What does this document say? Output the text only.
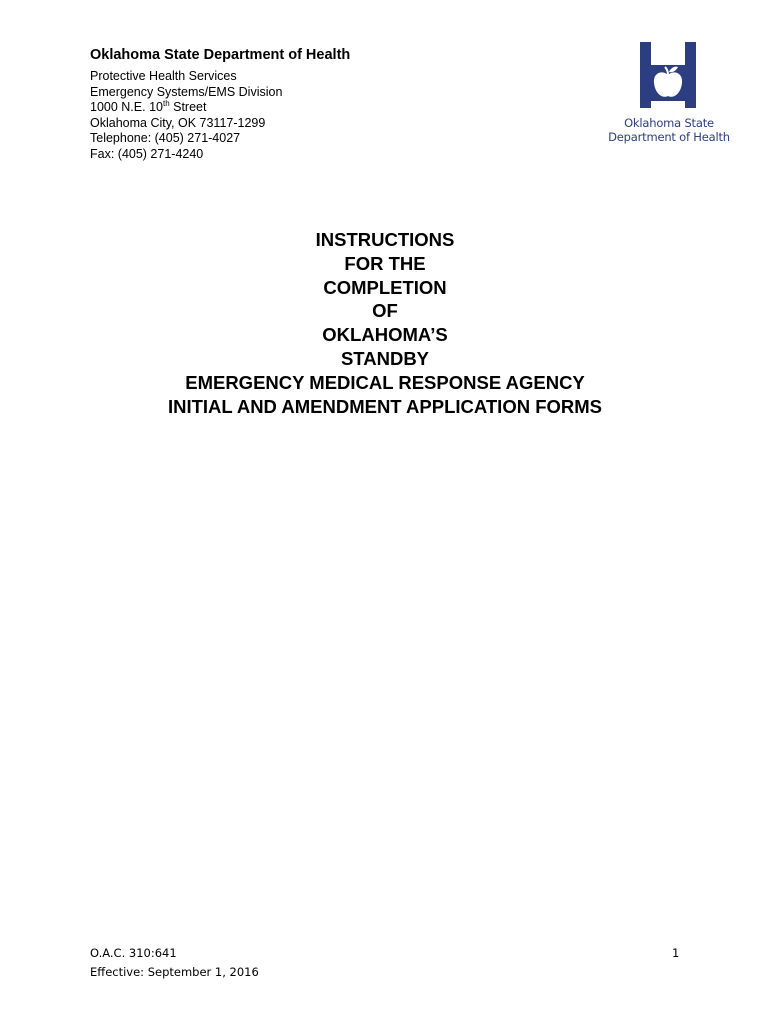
Oklahoma State Department of Health
Protective Health Services
Emergency Systems/EMS Division
1000 N.E. 10th Street
Oklahoma City, OK 73117-1299
Telephone: (405) 271-4027
Fax: (405) 271-4240
Oklahoma State
Department of Health
INSTRUCTIONS
FOR THE
COMPLETION
OF
OKLAHOMA’S
STANDBY
EMERGENCY MEDICAL RESPONSE AGENCY
INITIAL AND AMENDMENT APPLICATION FORMS
O.A.C. 310:641
Effective: September 1, 2016
1
